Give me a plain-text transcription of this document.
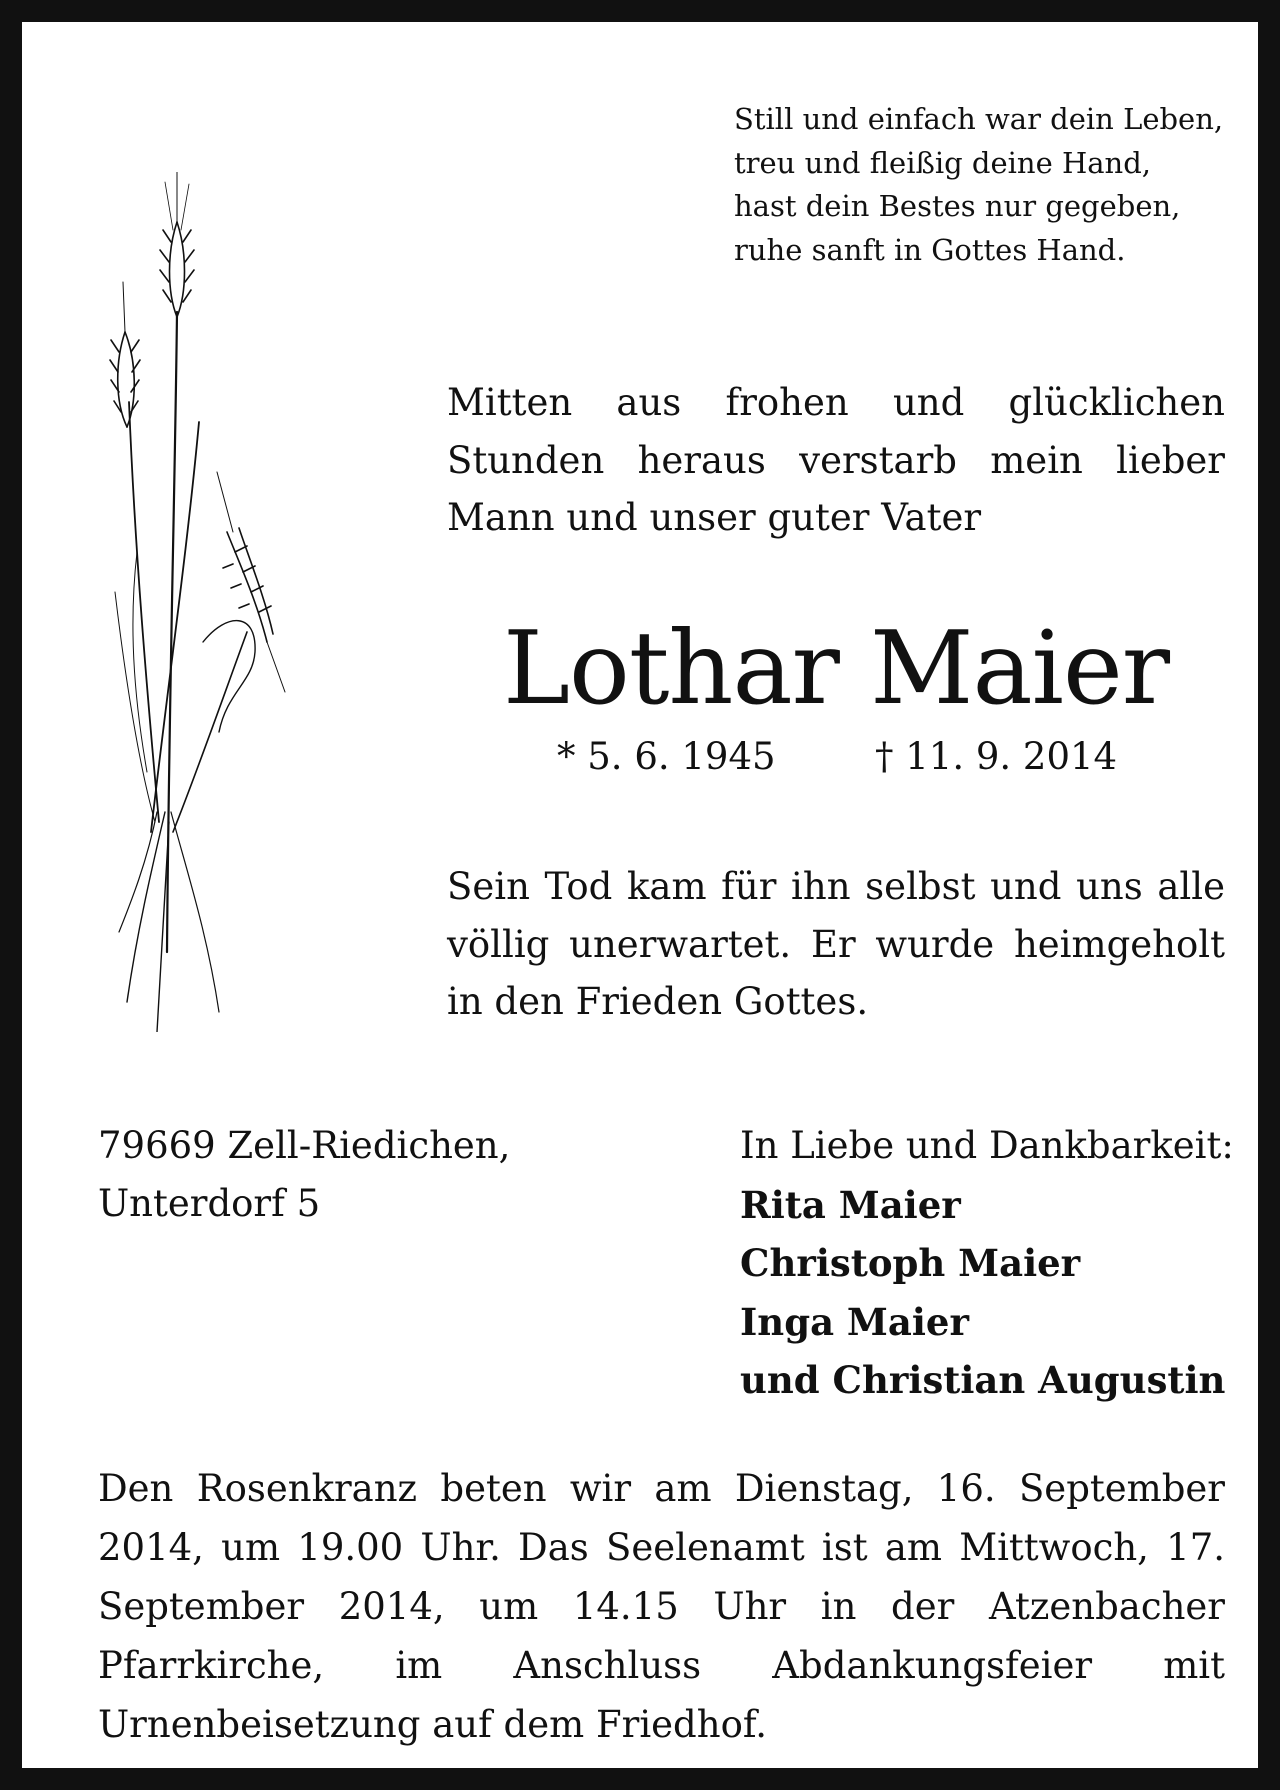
Still und einfach war dein Leben,
treu und fleißig deine Hand,
hast dein Bestes nur gegeben,
ruhe sanft in Gottes Hand.
Mitten aus frohen und glücklichen Stunden heraus verstarb mein lieber Mann und unser guter Vater
Lothar Maier
* 5. 6. 1945	† 11. 9. 2014
Sein Tod kam für ihn selbst und uns alle völlig unerwartet. Er wurde heimgeholt in den Frieden Gottes.
79669 Zell-Riedichen,
Unterdorf 5
In Liebe und Dankbarkeit:
Rita Maier
Christoph Maier
Inga Maier
und Christian Augustin
Den Rosenkranz beten wir am Dienstag, 16. September 2014, um 19.00 Uhr. Das Seelenamt ist am Mittwoch, 17. September 2014, um 14.15 Uhr in der Atzenbacher Pfarrkirche, im Anschluss Abdankungsfeier mit Urnenbeisetzung auf dem Friedhof.
